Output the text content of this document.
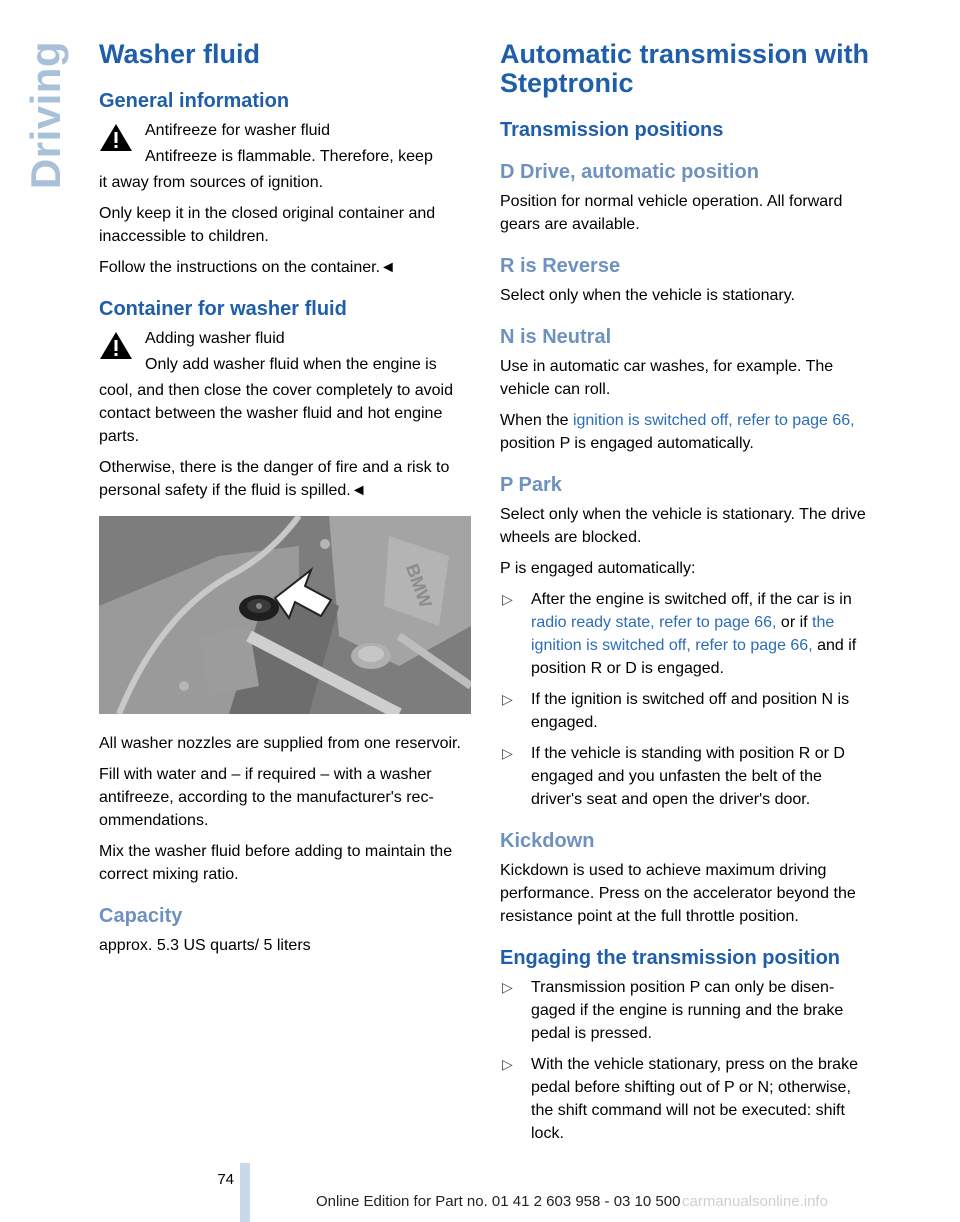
Driving Washer fluid
General information

Antifreeze for washer fluid

Antifreeze is flammable. Therefore, keep

it away from sources of ignition.

Only keep it in the closed original container and inaccessible to children.

Follow the instructions on the container.◄

Container for washer fluid

Adding washer fluid

Only add washer fluid when the engine is

cool, and then close the cover completely to avoid contact between the washer fluid and hot engine parts.

Otherwise, there is the danger of fire and a risk to personal safety if the fluid is spilled.◄

BMW

All washer nozzles are supplied from one reservoir.

Fill with water and – if required – with a washer antifreeze, according to the manufacturer's recommendations.

Mix the washer fluid before adding to maintain the correct mixing ratio.

Capacity

approx. 5.3 US quarts/ 5 liters

Automatic transmission with Steptronic
Transmission positions
D Drive, automatic position

Position for normal vehicle operation. All forward gears are available.

R is Reverse

Select only when the vehicle is stationary.

N is Neutral

Use in automatic car washes, for example. The vehicle can roll.

When the ignition is switched off, refer to page 66, position P is engaged automatically.

P Park

Select only when the vehicle is stationary. The drive wheels are blocked.

P is engaged automatically:

▷ After the engine is switched off, if the car is in radio ready state, refer to page 66, or if the ignition is switched off, refer to page 66, and if position R or D is engaged.
▷ If the ignition is switched off and position N is engaged.
▷ If the vehicle is standing with position R or D engaged and you unfasten the belt of the driver's seat and open the driver's door.
Kickdown

Kickdown is used to achieve maximum driving performance. Press on the accelerator beyond the resistance point at the full throttle position.

Engaging the transmission position
▷ Transmission position P can only be disengaged if the engine is running and the brake pedal is pressed.
▷ With the vehicle stationary, press on the brake pedal before shifting out of P or N; otherwise, the shift command will not be executed: shift lock.
74
Online Edition for Part no. 01 41 2 603 958 - 03 10 500 carmanualsonline.info
